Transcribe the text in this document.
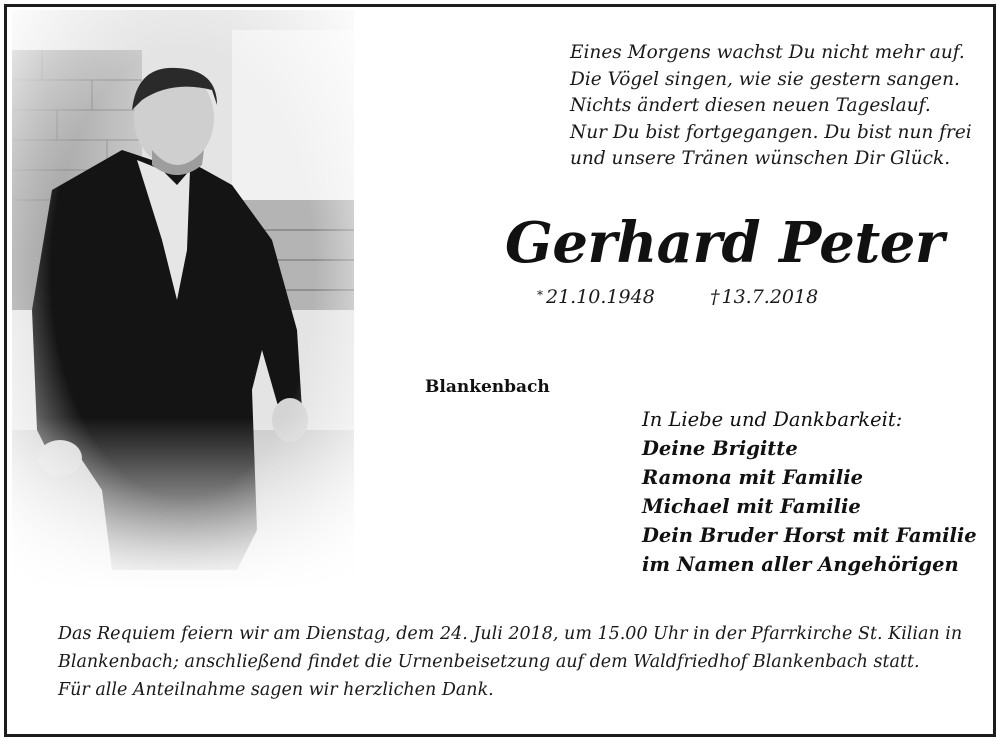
Eines Morgens wachst Du nicht mehr auf.
Die Vögel singen, wie sie gestern sangen.
Nichts ändert diesen neuen Tageslauf.
Nur Du bist fortgegangen. Du bist nun frei
und unsere Tränen wünschen Dir Glück.
Gerhard Peter
* 21.10.1948	† 13.7.2018
Blankenbach
In Liebe und Dankbarkeit:
Deine Brigitte
Ramona mit Familie
Michael mit Familie
Dein Bruder Horst mit Familie
im Namen aller Angehörigen
Das Requiem feiern wir am Dienstag, dem 24. Juli 2018, um 15.00 Uhr in der Pfarrkirche St. Kilian in
Blankenbach; anschließend findet die Urnenbeisetzung auf dem Waldfriedhof Blankenbach statt.
Für alle Anteilnahme sagen wir herzlichen Dank.
